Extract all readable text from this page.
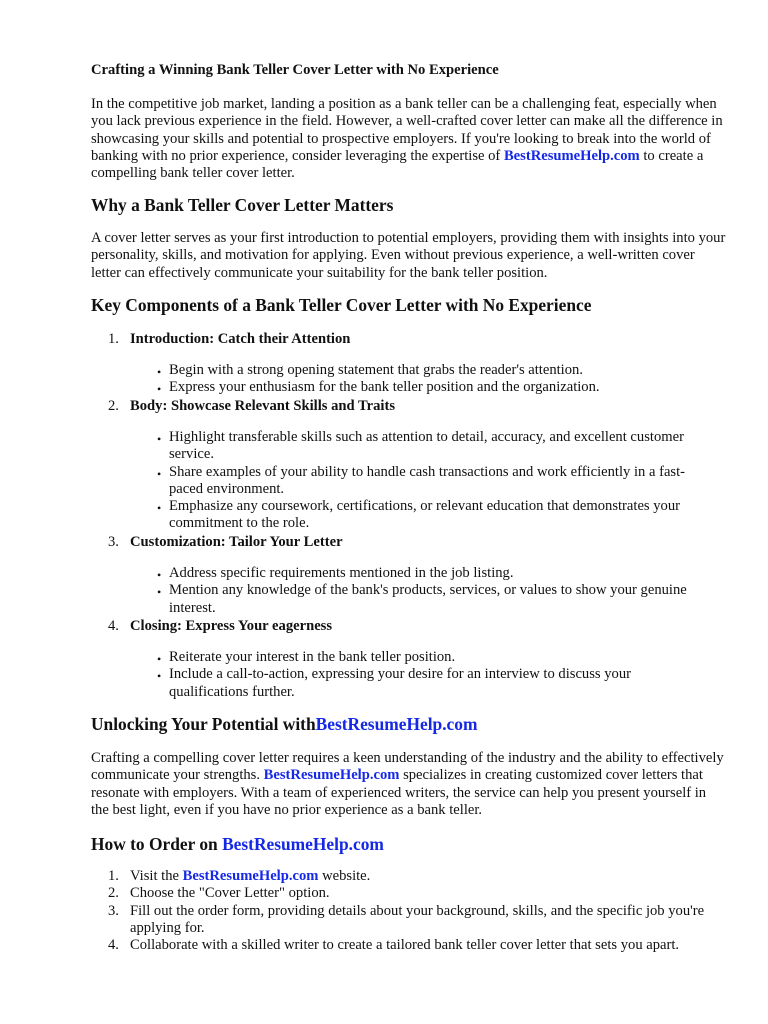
Crafting a Winning Bank Teller Cover Letter with No Experience

In the competitive job market, landing a position as a bank teller can be a challenging feat, especially when you lack previous experience in the field. However, a well-crafted cover letter can make all the difference in showcasing your skills and potential to prospective employers. If you're looking to break into the world of banking with no prior experience, consider leveraging the expertise of BestResumeHelp.com to create a compelling bank teller cover letter.

Why a Bank Teller Cover Letter Matters

A cover letter serves as your first introduction to potential employers, providing them with insights into your personality, skills, and motivation for applying. Even without previous experience, a well-written cover letter can effectively communicate your suitability for the bank teller position.

Key Components of a Bank Teller Cover Letter with No Experience
1. Introduction: Catch their Attention
• Begin with a strong opening statement that grabs the reader's attention.
• Express your enthusiasm for the bank teller position and the organization.
2. Body: Showcase Relevant Skills and Traits
• Highlight transferable skills such as attention to detail, accuracy, and excellent customer service.
• Share examples of your ability to handle cash transactions and work efficiently in a fast-paced environment.
• Emphasize any coursework, certifications, or relevant education that demonstrates your commitment to the role.
3. Customization: Tailor Your Letter
• Address specific requirements mentioned in the job listing.
• Mention any knowledge of the bank's products, services, or values to show your genuine interest.
4. Closing: Express Your eagerness
• Reiterate your interest in the bank teller position.
• Include a call-to-action, expressing your desire for an interview to discuss your qualifications further.
Unlocking Your Potential withBestResumeHelp.com

Crafting a compelling cover letter requires a keen understanding of the industry and the ability to effectively communicate your strengths. BestResumeHelp.com specializes in creating customized cover letters that resonate with employers. With a team of experienced writers, the service can help you present yourself in the best light, even if you have no prior experience as a bank teller.

How to Order on BestResumeHelp.com
1. Visit the BestResumeHelp.com website.
2. Choose the "Cover Letter" option.
3. Fill out the order form, providing details about your background, skills, and the specific job you're applying for.
4. Collaborate with a skilled writer to create a tailored bank teller cover letter that sets you apart.
